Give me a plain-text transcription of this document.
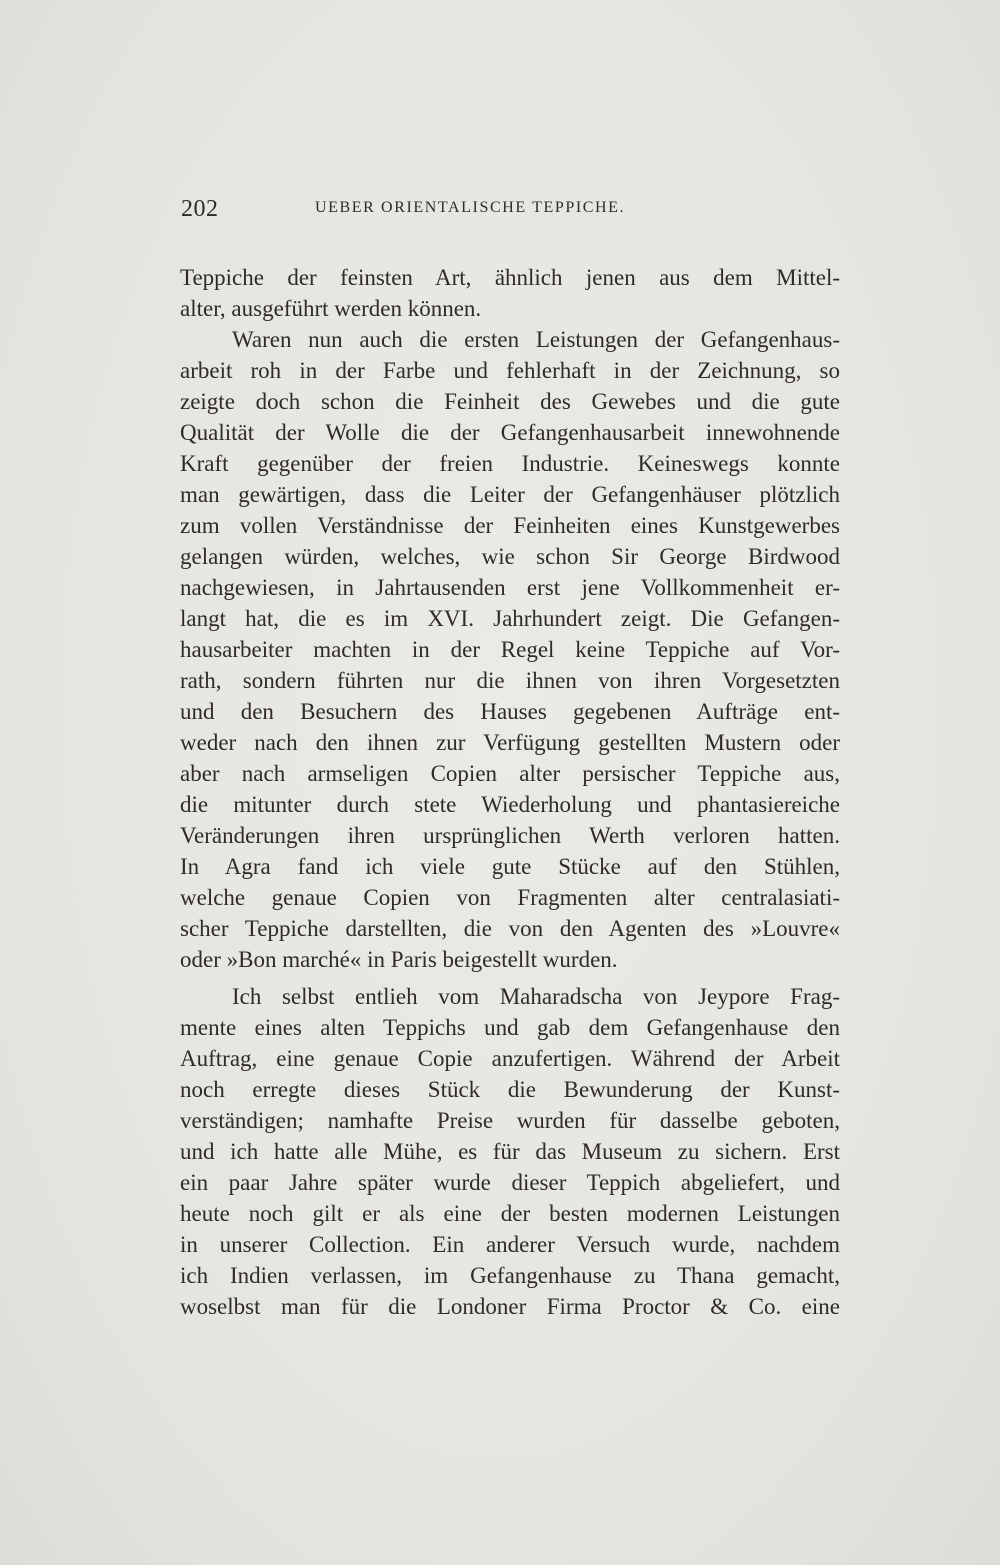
202	UEBER ORIENTALISCHE TEPPICHE.
Teppiche der feinsten Art, ähnlich jenen aus dem Mittel-
alter, ausgeführt werden können.
Waren nun auch die ersten Leistungen der Gefangenhaus-
arbeit roh in der Farbe und fehlerhaft in der Zeichnung, so
zeigte doch schon die Feinheit des Gewebes und die gute
Qualität der Wolle die der Gefangenhausarbeit innewohnende
Kraft gegenüber der freien Industrie. Keineswegs konnte
man gewärtigen, dass die Leiter der Gefangenhäuser plötzlich
zum vollen Verständnisse der Feinheiten eines Kunstgewerbes
gelangen würden, welches, wie schon Sir George Birdwood
nachgewiesen, in Jahrtausenden erst jene Vollkommenheit er-
langt hat, die es im XVI. Jahrhundert zeigt. Die Gefangen-
hausarbeiter machten in der Regel keine Teppiche auf Vor-
rath, sondern führten nur die ihnen von ihren Vorgesetzten
und den Besuchern des Hauses gegebenen Aufträge ent-
weder nach den ihnen zur Verfügung gestellten Mustern oder
aber nach armseligen Copien alter persischer Teppiche aus,
die mitunter durch stete Wiederholung und phantasiereiche
Veränderungen ihren ursprünglichen Werth verloren hatten.
In Agra fand ich viele gute Stücke auf den Stühlen,
welche genaue Copien von Fragmenten alter centralasiati-
scher Teppiche darstellten, die von den Agenten des »Louvre«
oder »Bon marché« in Paris beigestellt wurden.
Ich selbst entlieh vom Maharadscha von Jeypore Frag-
mente eines alten Teppichs und gab dem Gefangenhause den
Auftrag, eine genaue Copie anzufertigen. Während der Arbeit
noch erregte dieses Stück die Bewunderung der Kunst-
verständigen; namhafte Preise wurden für dasselbe geboten,
und ich hatte alle Mühe, es für das Museum zu sichern. Erst
ein paar Jahre später wurde dieser Teppich abgeliefert, und
heute noch gilt er als eine der besten modernen Leistungen
in unserer Collection. Ein anderer Versuch wurde, nachdem
ich Indien verlassen, im Gefangenhause zu Thana gemacht,
woselbst man für die Londoner Firma Proctor & Co. eine
